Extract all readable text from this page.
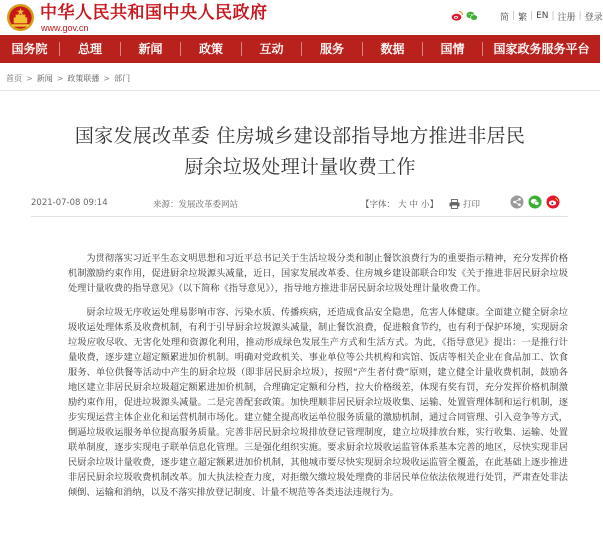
中华人民共和国中央人民政府
www.gov.cn
简 | 繁 | EN | 注册 | 登录
国务院	总理	新闻	政策	互动	服务	数据	国情	国家政务服务平台
首页 > 新闻 > 政策联播 > 部门
国家发展改革委 住房城乡建设部指导地方推进非居民
厨余垃圾处理计量收费工作
2021-07-08 09:14	来源：发展改革委网站	【字体： 大 中 小】	打印

为贯彻落实习近平生态文明思想和习近平总书记关于生活垃圾分类和制止餐饮浪费行为的重要指示精神，充分发挥价格机制激励约束作用，促进厨余垃圾源头减量，近日，国家发展改革委、住房城乡建设部联合印发《关于推进非居民厨余垃圾处理计量收费的指导意见》（以下简称《指导意见》），指导地方推进非居民厨余垃圾处理计量收费工作。

厨余垃圾无序收运处理易影响市容、污染水质、传播疾病，还造成食品安全隐患，危害人体健康。全面建立健全厨余垃圾收运处理体系及收费机制，有利于引导厨余垃圾源头减量，制止餐饮浪费，促进粮食节约，也有利于保护环境，实现厨余垃圾应收尽收、无害化处理和资源化利用，推动形成绿色发展生产方式和生活方式。为此，《指导意见》提出：一是推行计量收费，逐步建立超定额累进加价机制。明确对党政机关、事业单位等公共机构和宾馆、饭店等相关企业在食品加工、饮食服务、单位供餐等活动中产生的厨余垃圾（即非居民厨余垃圾），按照“产生者付费”原则，建立健全计量收费机制，鼓励各地区建立非居民厨余垃圾超定额累进加价机制，合理确定定额和分档，拉大价格级差，体现有奖有罚，充分发挥价格机制激励约束作用，促进垃圾源头减量。二是完善配套政策。加快理顺非居民厨余垃圾收集、运输、处置管理体制和运行机制，逐步实现运营主体企业化和运营机制市场化。建立健全提高收运单位服务质量的激励机制，通过合同管理、引入竞争等方式，倒逼垃圾收运服务单位提高服务质量。完善非居民厨余垃圾排放登记管理制度，建立垃圾排放台账，实行收集、运输、处置联单制度，逐步实现电子联单信息化管理。三是强化组织实施。要求厨余垃圾收运监管体系基本完善的地区，尽快实现非居民厨余垃圾计量收费，逐步建立超定额累进加价机制，其他城市要尽快实现厨余垃圾收运监管全覆盖，在此基础上逐步推进非居民厨余垃圾收费机制改革。加大执法检查力度，对拒缴欠缴垃圾处理费的非居民单位依法依规进行处罚，严肃查处非法倾倒、运输和消纳，以及不落实排放登记制度、计量不规范等各类违法违规行为。
